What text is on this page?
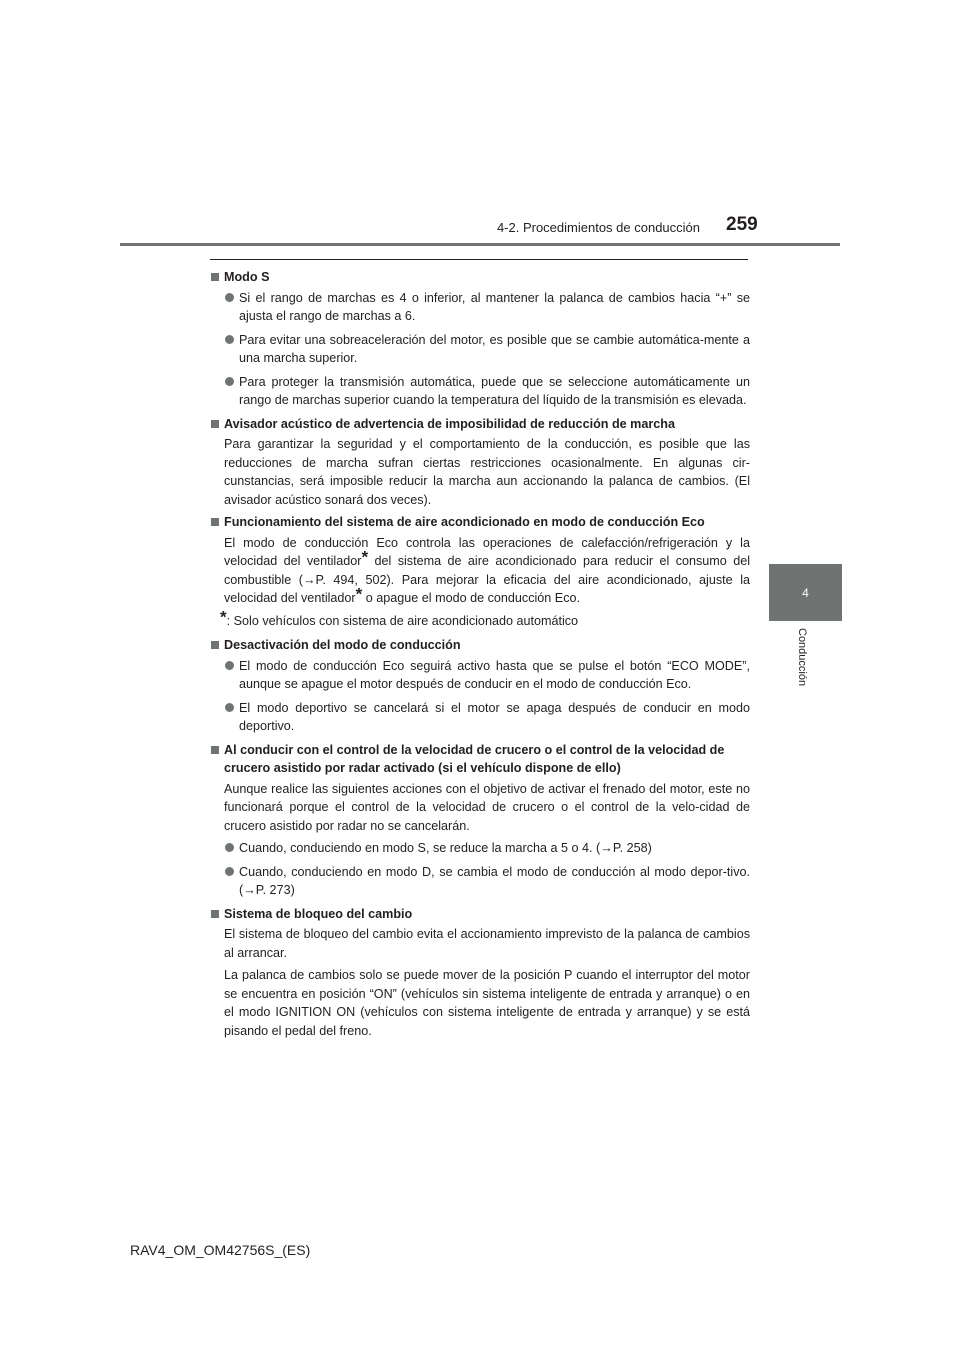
4-2. Procedimientos de conducción 259
4
Conducción
Modo S
Si el rango de marchas es 4 o inferior, al mantener la palanca de cambios hacia “+” se ajusta el rango de marchas a 6.
Para evitar una sobreaceleración del motor, es posible que se cambie automática-mente a una marcha superior.
Para proteger la transmisión automática, puede que se seleccione automáticamente un rango de marchas superior cuando la temperatura del líquido de la transmisión es elevada.
Avisador acústico de advertencia de imposibilidad de reducción de marcha
Para garantizar la seguridad y el comportamiento de la conducción, es posible que las reducciones de marcha sufran ciertas restricciones ocasionalmente. En algunas cir-cunstancias, será imposible reducir la marcha aun accionando la palanca de cambios. (El avisador acústico sonará dos veces).
Funcionamiento del sistema de aire acondicionado en modo de conducción Eco
El modo de conducción Eco controla las operaciones de calefacción/refrigeración y la velocidad del ventilador* del sistema de aire acondicionado para reducir el consumo del combustible (→P. 494, 502). Para mejorar la eficacia del aire acondicionado, ajuste la velocidad del ventilador* o apague el modo de conducción Eco.
*: Solo vehículos con sistema de aire acondicionado automático
Desactivación del modo de conducción
El modo de conducción Eco seguirá activo hasta que se pulse el botón “ECO MODE”, aunque se apague el motor después de conducir en el modo de conducción Eco.
El modo deportivo se cancelará si el motor se apaga después de conducir en modo deportivo.
Al conducir con el control de la velocidad de crucero o el control de la velocidad de crucero asistido por radar activado (si el vehículo dispone de ello)
Aunque realice las siguientes acciones con el objetivo de activar el frenado del motor, este no funcionará porque el control de la velocidad de crucero o el control de la velo-cidad de crucero asistido por radar no se cancelarán.
Cuando, conduciendo en modo S, se reduce la marcha a 5 o 4. (→P. 258)
Cuando, conduciendo en modo D, se cambia el modo de conducción al modo depor-tivo. (→P. 273)
Sistema de bloqueo del cambio
El sistema de bloqueo del cambio evita el accionamiento imprevisto de la palanca de cambios al arrancar.
La palanca de cambios solo se puede mover de la posición P cuando el interruptor del motor se encuentra en posición “ON” (vehículos sin sistema inteligente de entrada y arranque) o en el modo IGNITION ON (vehículos con sistema inteligente de entrada y arranque) y se está pisando el pedal del freno.
RAV4_OM_OM42756S_(ES)
